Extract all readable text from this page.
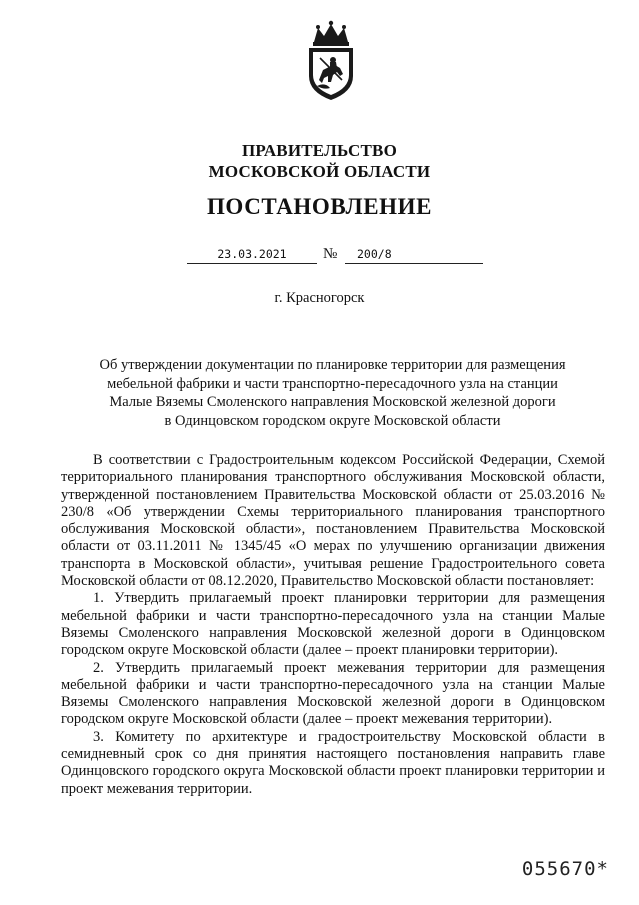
ПРАВИТЕЛЬСТВО
МОСКОВСКОЙ ОБЛАСТИ
ПОСТАНОВЛЕНИЕ
23.03.2021	№	200/8
г. Красногорск
Об утверждении документации по планировке территории для размещения
мебельной фабрики и части транспортно-пересадочного узла на станции
Малые Вяземы Смоленского направления Московской железной дороги
в Одинцовском городском округе Московской области

В соответствии с Градостроительным кодексом Российской Федерации, Схемой территориального планирования транспортного обслуживания Московской области, утвержденной постановлением Правительства Московской области от 25.03.2016 № 230/8 «Об утверждении Схемы территориального планирования транспортного обслуживания Московской области», постановлением Правительства Московской области от 03.11.2011 № 1345/45 «О мерах по улучшению организации движения транспорта в Московской области», учитывая решение Градостроительного совета Московской области от 08.12.2020, Правительство Московской области постановляет:

1. Утвердить прилагаемый проект планировки территории для размещения мебельной фабрики и части транспортно-пересадочного узла на станции Малые Вяземы Смоленского направления Московской железной дороги в Одинцовском городском округе Московской области (далее – проект планировки территории).

2. Утвердить прилагаемый проект межевания территории для размещения мебельной фабрики и части транспортно-пересадочного узла на станции Малые Вяземы Смоленского направления Московской железной дороги в Одинцовском городском округе Московской области (далее – проект межевания территории).

3. Комитету по архитектуре и градостроительству Московской области в семидневный срок со дня принятия настоящего постановления направить главе Одинцовского городского округа Московской области проект планировки территории и проект межевания территории.

055670*
